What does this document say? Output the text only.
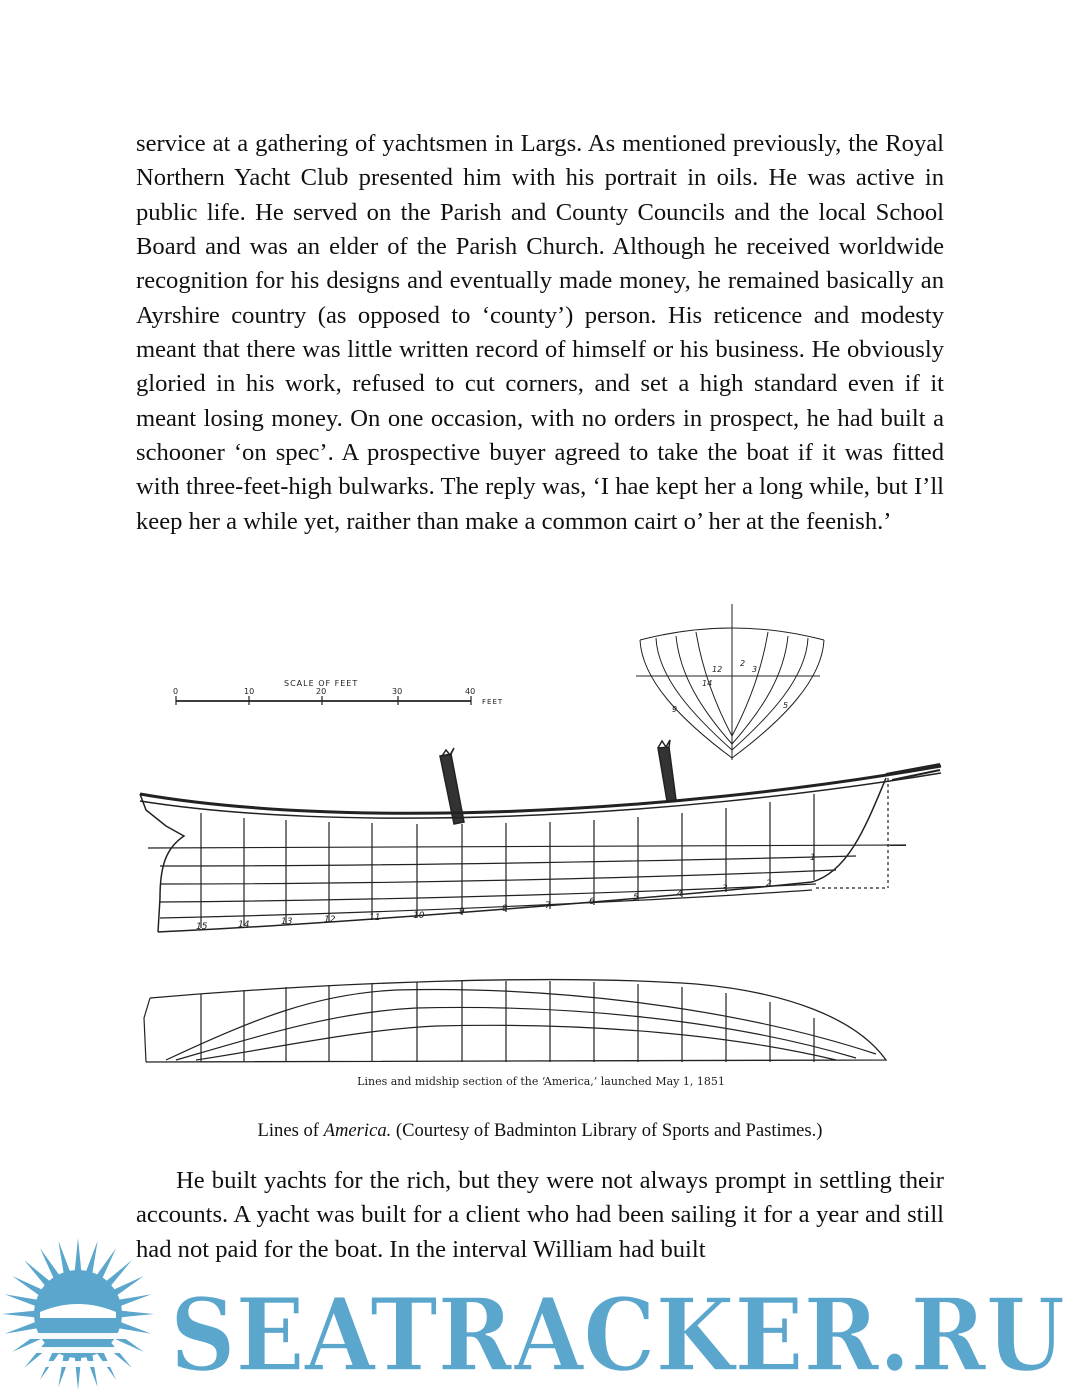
service at a gathering of yachtsmen in Largs. As mentioned previously, the Royal Northern Yacht Club presented him with his portrait in oils. He was active in public life. He served on the Parish and County Councils and the local School Board and was an elder of the Parish Church. Although he received worldwide recognition for his designs and eventually made money, he remained basically an Ayrshire country (as opposed to ‘county’) person. His reticence and modesty meant that there was little written record of himself or his business. He obviously gloried in his work, refused to cut corners, and set a high standard even if it meant losing money. On one occasion, with no orders in prospect, he had built a schooner ‘on spec’. A prospective buyer agreed to take the boat if it was fitted with three-feet-high bulwarks. The reply was, ‘I hae kept her a long while, but I’ll keep her a while yet, raither than make a common cairt o’ her at the feenish.’

SCALE OF FEET
0	10	20	30	40
FEET
12
2
3
14
9	5
15	14	13	12	11	10	9	8	7	6	5	4	3	2
1
Lines and midship section of the ‘America,’ launched May 1, 1851
Lines of America. (Courtesy of Badminton Library of Sports and Pastimes.)

He built yachts for the rich, but they were not always prompt in settling their accounts. A yacht was built for a client who had been sailing it for a year and still had not paid for the boat. In the interval William had built

SEATRACKER.RU
